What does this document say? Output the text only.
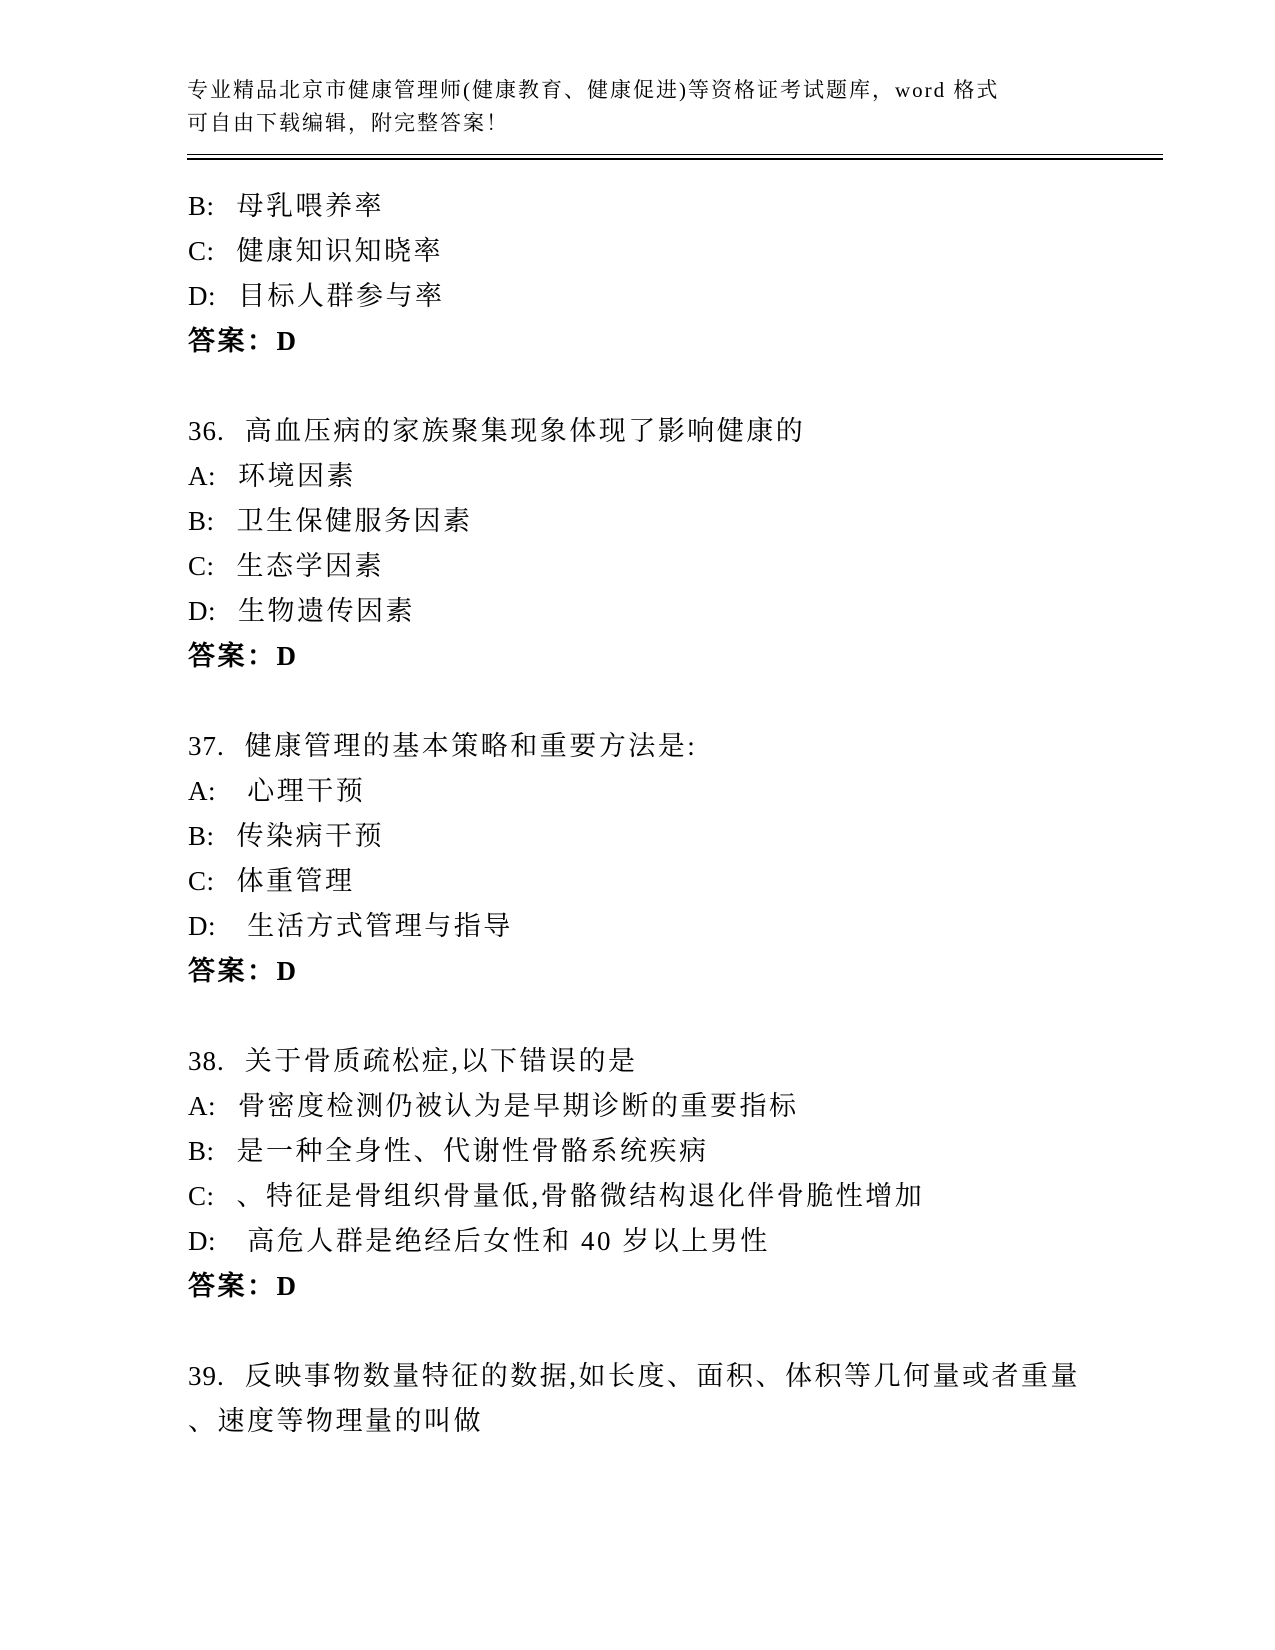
专业精品北京市健康管理师(健康教育、健康促进)等资格证考试题库，word 格式

可自由下载编辑，附完整答案！

B: 母乳喂养率

C: 健康知识知晓率

D: 目标人群参与率

答案：D

36. 高血压病的家族聚集现象体现了影响健康的

A: 环境因素

B: 卫生保健服务因素

C: 生态学因素

D: 生物遗传因素

答案：D

37. 健康管理的基本策略和重要方法是:

A: 心理干预

B: 传染病干预

C: 体重管理

D: 生活方式管理与指导

答案：D

38. 关于骨质疏松症,以下错误的是

A: 骨密度检测仍被认为是早期诊断的重要指标

B: 是一种全身性、代谢性骨骼系统疾病

C: 、特征是骨组织骨量低,骨骼微结构退化伴骨脆性增加

D: 高危人群是绝经后女性和 40 岁以上男性

答案：D

39. 反映事物数量特征的数据,如长度、面积、体积等几何量或者重量

、速度等物理量的叫做
